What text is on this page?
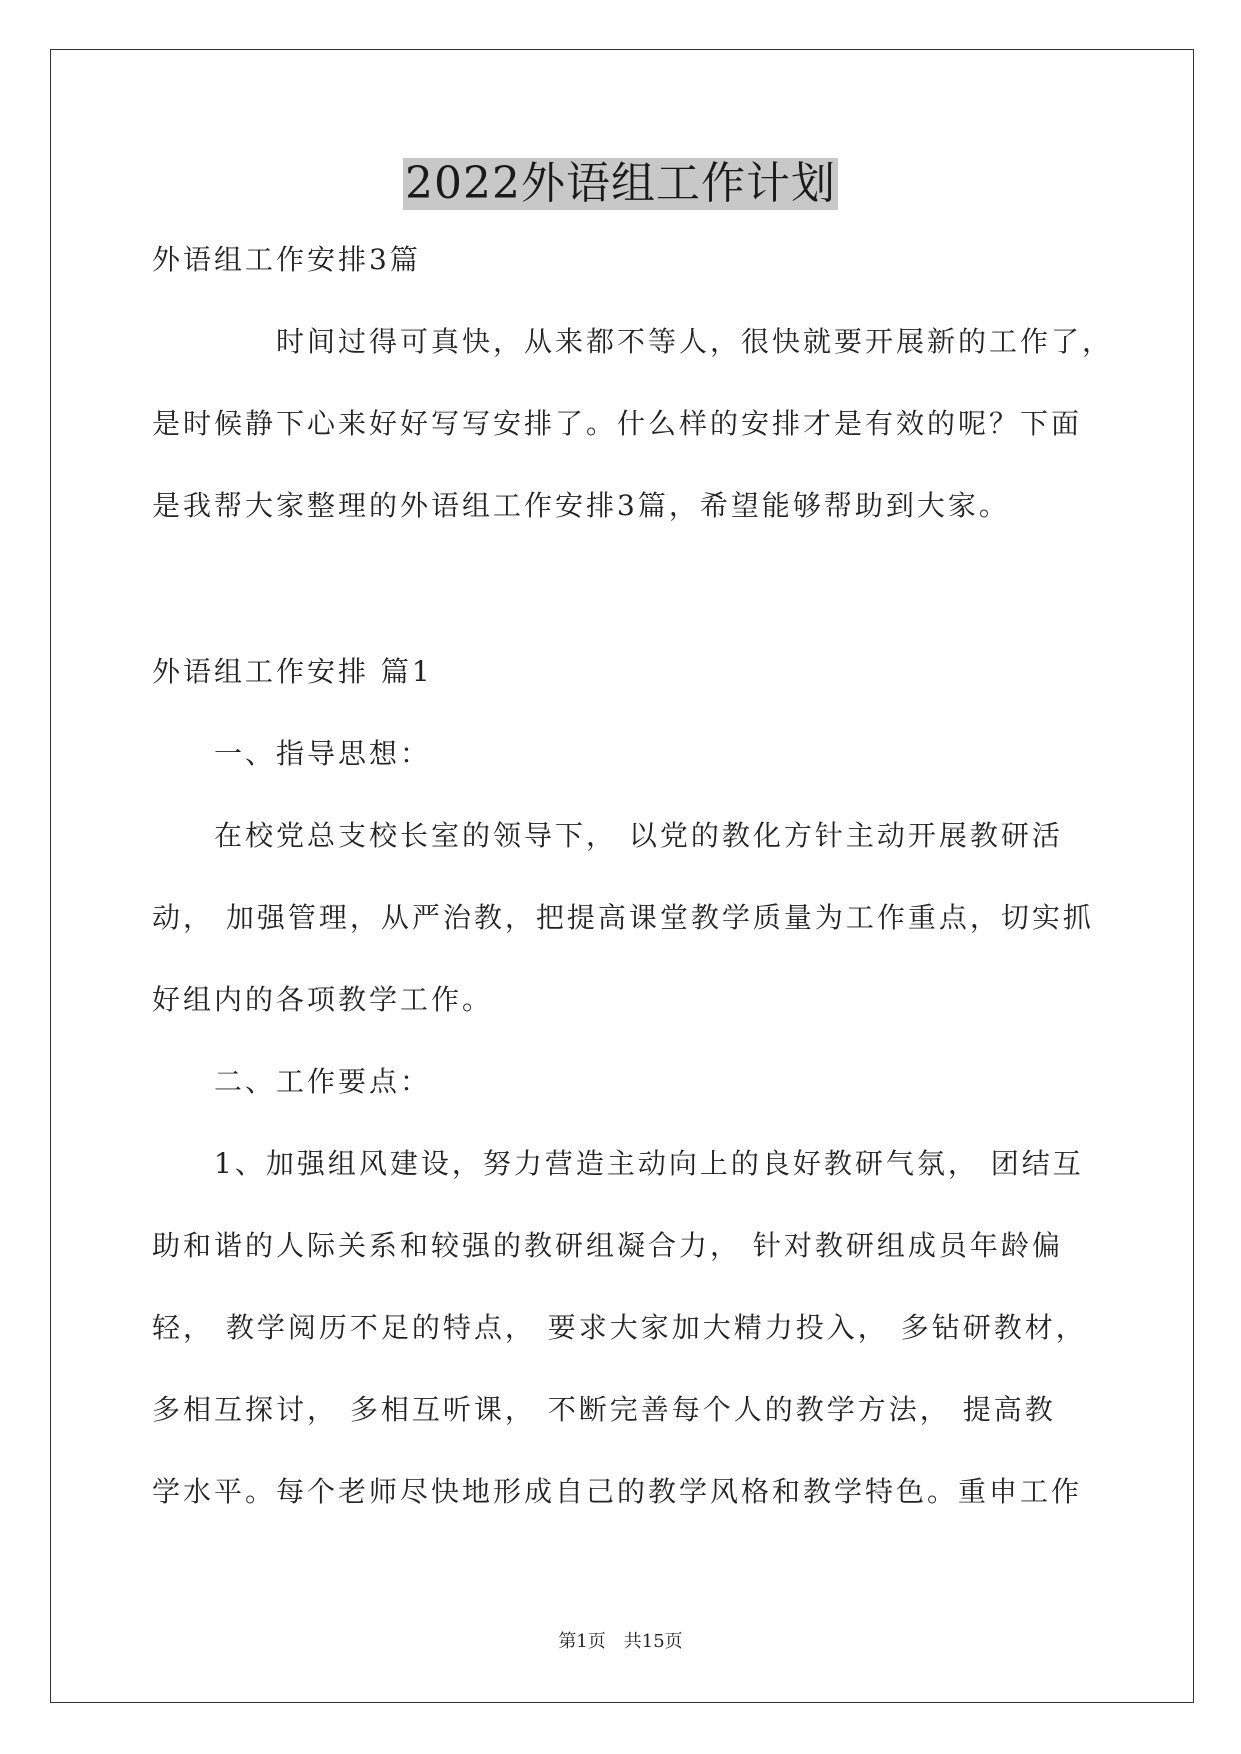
2022外语组工作计划
外语组工作安排3篇
时间过得可真快，从来都不等人，很快就要开展新的工作了，
是时候静下心来好好写写安排了。什么样的安排才是有效的呢？下面
是我帮大家整理的外语组工作安排3篇，希望能够帮助到大家。
外语组工作安排 篇1
一、指导思想：
在校党总支校长室的领导下， 以党的教化方针主动开展教研活
动， 加强管理，从严治教，把提高课堂教学质量为工作重点，切实抓
好组内的各项教学工作。
二、工作要点：
1、加强组风建设，努力营造主动向上的良好教研气氛， 团结互
助和谐的人际关系和较强的教研组凝合力， 针对教研组成员年龄偏
轻， 教学阅历不足的特点， 要求大家加大精力投入， 多钻研教材，
多相互探讨， 多相互听课， 不断完善每个人的教学方法， 提高教
学水平。每个老师尽快地形成自己的教学风格和教学特色。重申工作
第1页　共15页
